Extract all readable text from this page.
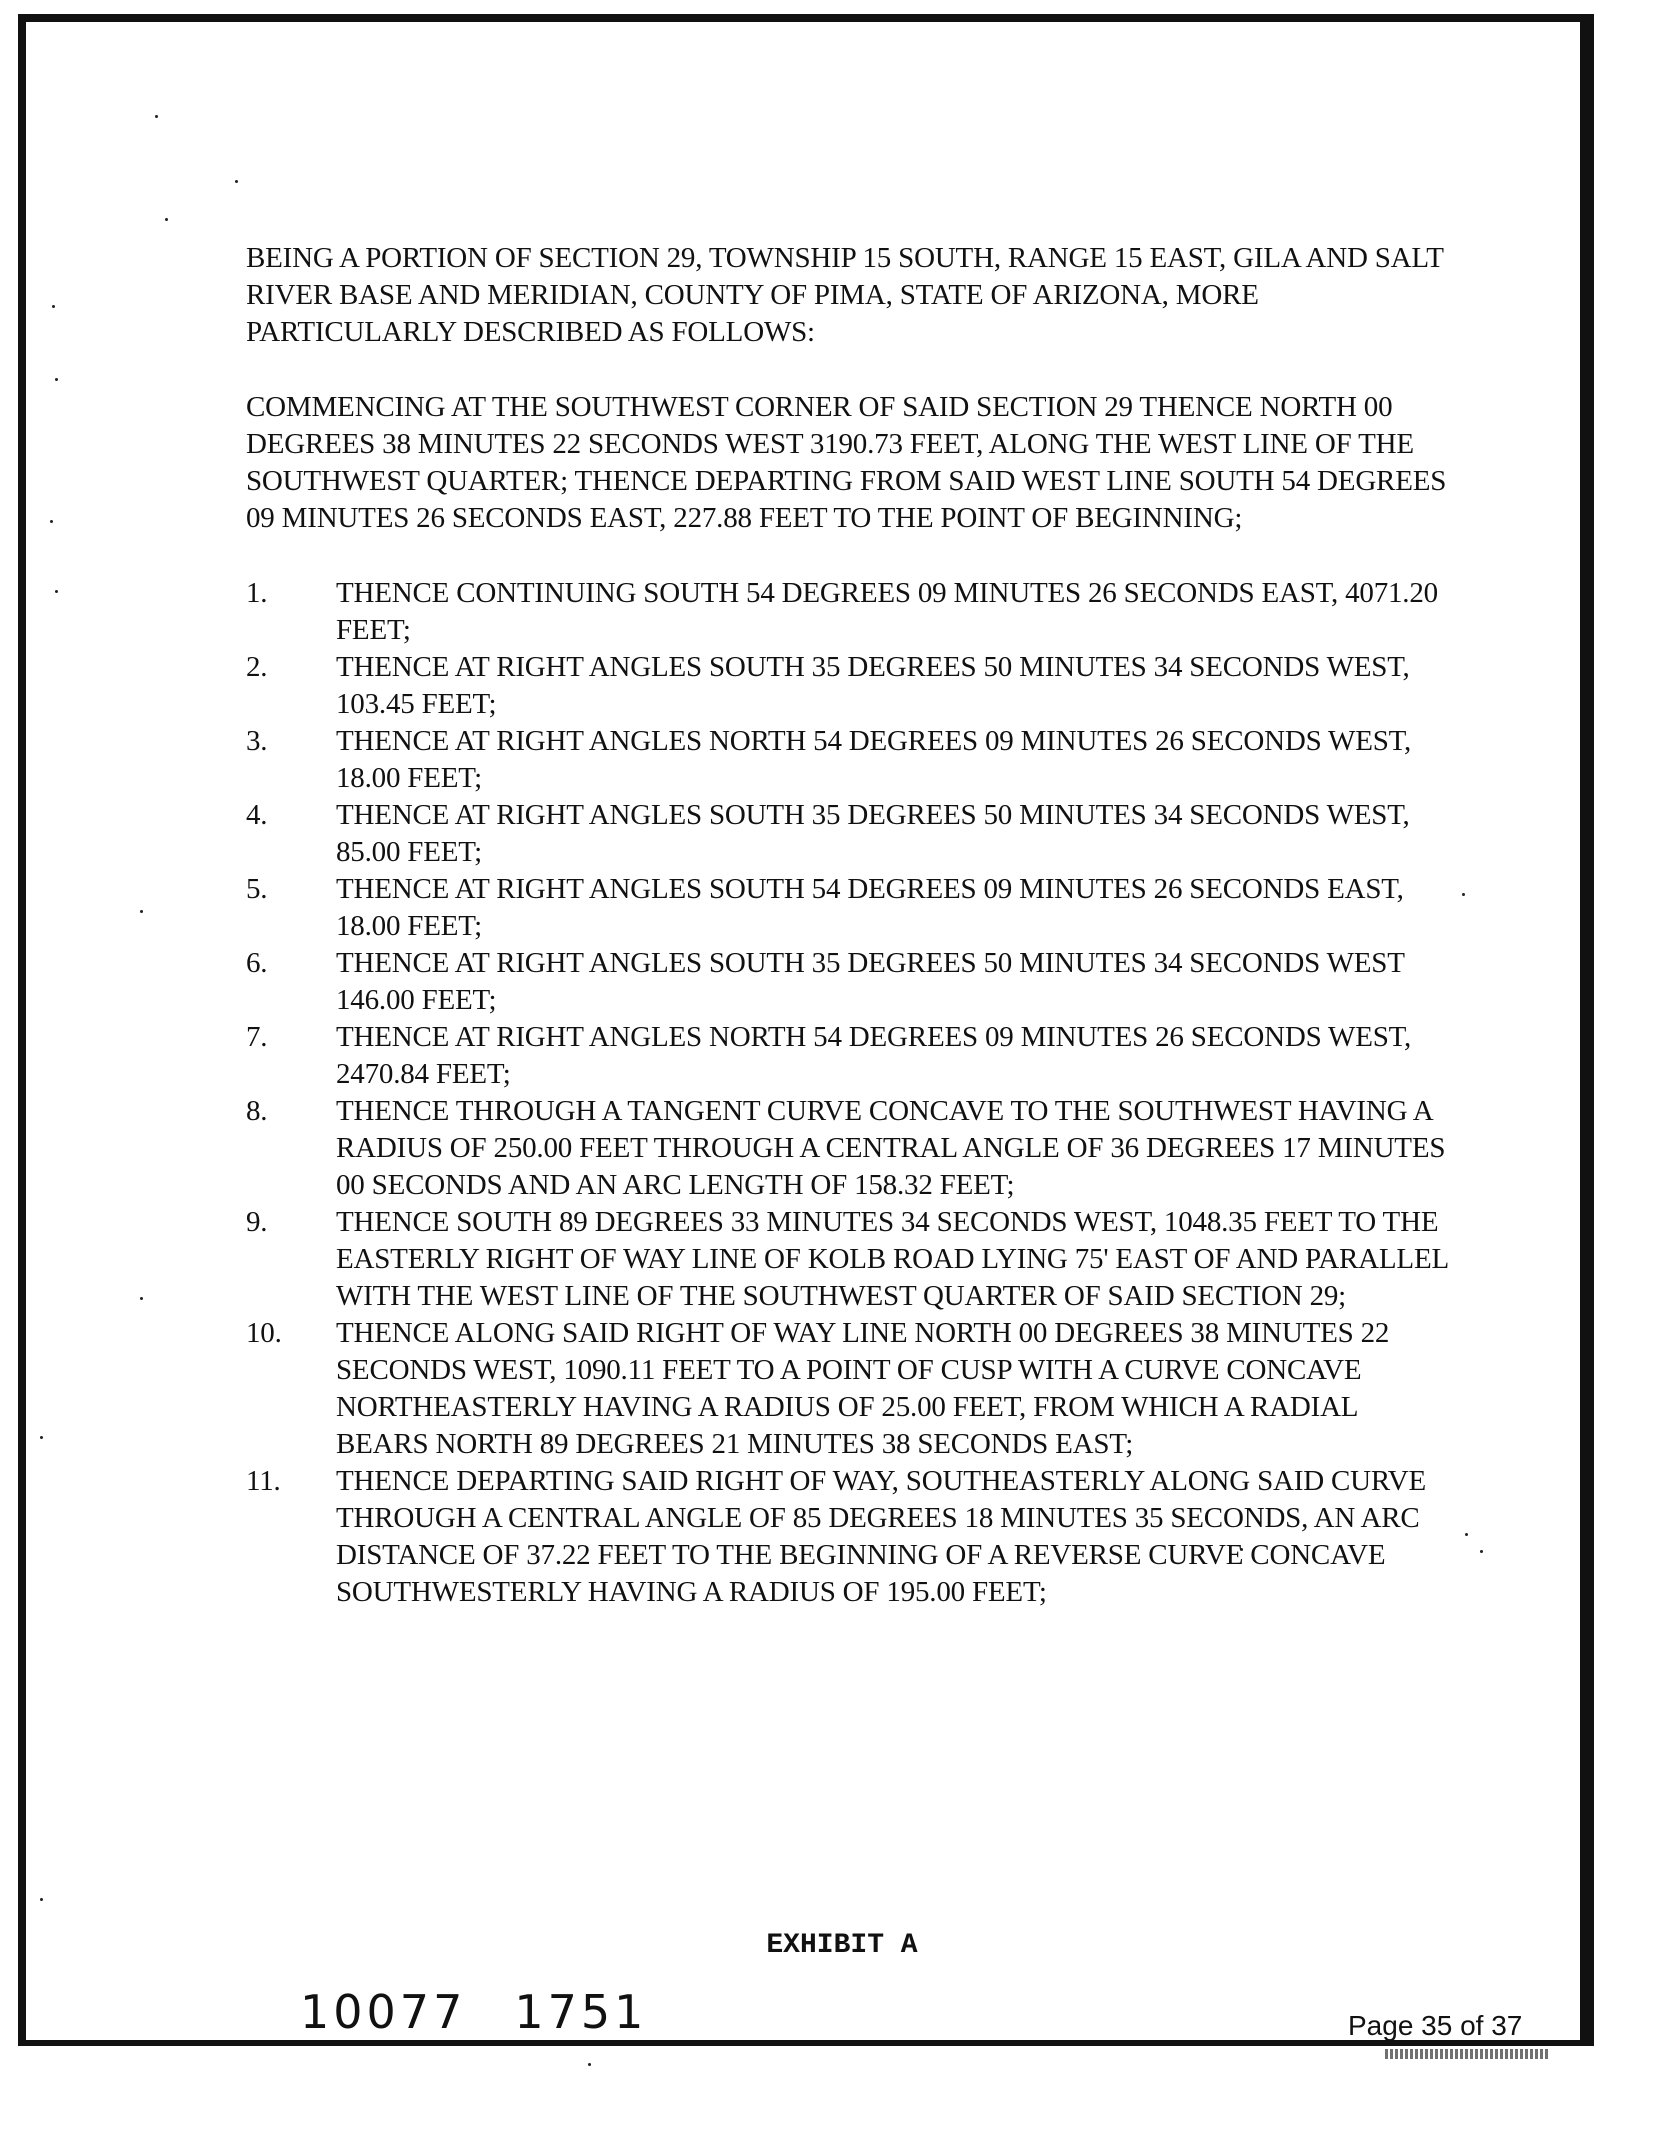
BEING A PORTION OF SECTION 29, TOWNSHIP 15 SOUTH, RANGE 15 EAST, GILA AND SALT RIVER BASE AND MERIDIAN, COUNTY OF PIMA, STATE OF ARIZONA, MORE PARTICULARLY DESCRIBED AS FOLLOWS:

COMMENCING AT THE SOUTHWEST CORNER OF SAID SECTION 29 THENCE NORTH 00 DEGREES 38 MINUTES 22 SECONDS WEST 3190.73 FEET, ALONG THE WEST LINE OF THE SOUTHWEST QUARTER; THENCE DEPARTING FROM SAID WEST LINE SOUTH 54 DEGREES 09 MINUTES 26 SECONDS EAST, 227.88 FEET TO THE POINT OF BEGINNING;

1.	THENCE CONTINUING SOUTH 54 DEGREES 09 MINUTES 26 SECONDS EAST, 4071.20 FEET;
2.	THENCE AT RIGHT ANGLES SOUTH 35 DEGREES 50 MINUTES 34 SECONDS WEST, 103.45 FEET;
3.	THENCE AT RIGHT ANGLES NORTH 54 DEGREES 09 MINUTES 26 SECONDS WEST, 18.00 FEET;
4.	THENCE AT RIGHT ANGLES SOUTH 35 DEGREES 50 MINUTES 34 SECONDS WEST, 85.00 FEET;
5.	THENCE AT RIGHT ANGLES SOUTH 54 DEGREES 09 MINUTES 26 SECONDS EAST, 18.00 FEET;
6.	THENCE AT RIGHT ANGLES SOUTH 35 DEGREES 50 MINUTES 34 SECONDS WEST 146.00 FEET;
7.	THENCE AT RIGHT ANGLES NORTH 54 DEGREES 09 MINUTES 26 SECONDS WEST, 2470.84 FEET;
8.	THENCE THROUGH A TANGENT CURVE CONCAVE TO THE SOUTHWEST HAVING A RADIUS OF 250.00 FEET THROUGH A CENTRAL ANGLE OF 36 DEGREES 17 MINUTES 00 SECONDS AND AN ARC LENGTH OF 158.32 FEET;
9.	THENCE SOUTH 89 DEGREES 33 MINUTES 34 SECONDS WEST, 1048.35 FEET TO THE EASTERLY RIGHT OF WAY LINE OF KOLB ROAD LYING 75' EAST OF AND PARALLEL WITH THE WEST LINE OF THE SOUTHWEST QUARTER OF SAID SECTION 29;
10.	THENCE ALONG SAID RIGHT OF WAY LINE NORTH 00 DEGREES 38 MINUTES 22 SECONDS WEST, 1090.11 FEET TO A POINT OF CUSP WITH A CURVE CONCAVE NORTHEASTERLY HAVING A RADIUS OF 25.00 FEET, FROM WHICH A RADIAL BEARS NORTH 89 DEGREES 21 MINUTES 38 SECONDS EAST;
11.	THENCE DEPARTING SAID RIGHT OF WAY, SOUTHEASTERLY ALONG SAID CURVE THROUGH A CENTRAL ANGLE OF 85 DEGREES 18 MINUTES 35 SECONDS, AN ARC DISTANCE OF 37.22 FEET TO THE BEGINNING OF A REVERSE CURVE CONCAVE SOUTHWESTERLY HAVING A RADIUS OF 195.00 FEET;
EXHIBIT A
10077 1751	Page 35 of 37
